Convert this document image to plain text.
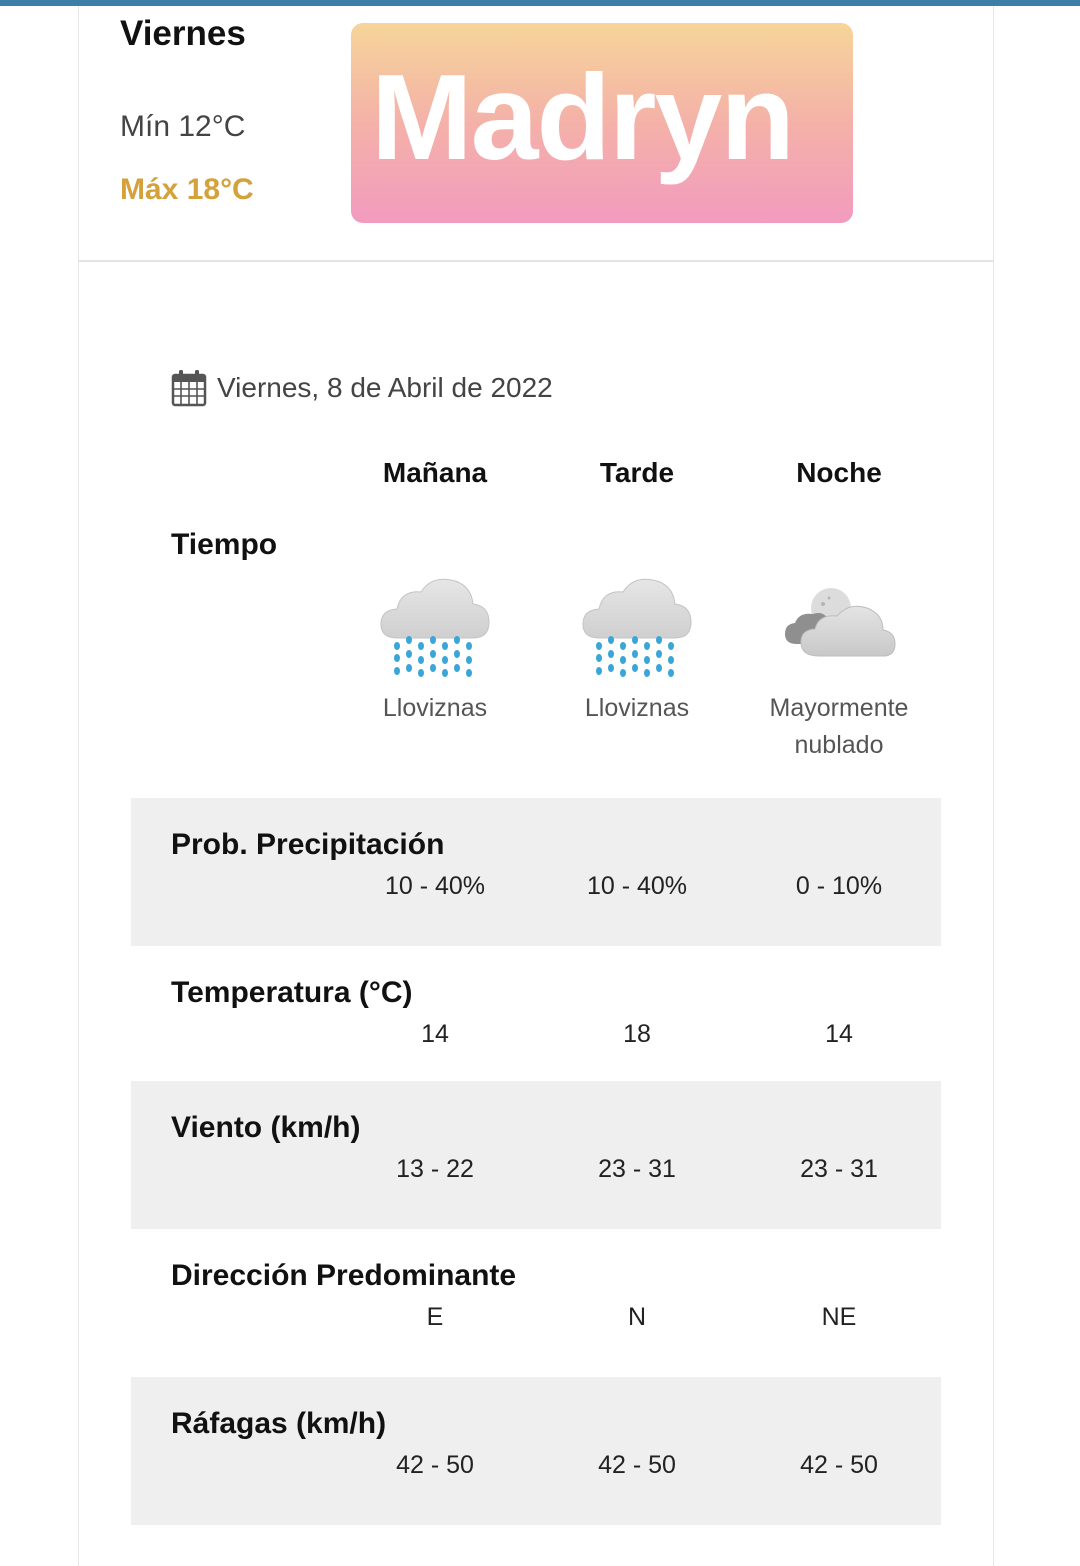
Viernes
Mín 12°C
Máx 18°C
Madryn
Viernes, 8 de Abril de 2022
Mañana	Tarde	Noche
Tiempo
Lloviznas	Lloviznas	Mayormente nublado
Prob. Precipitación
10 - 40%	10 - 40%	0 - 10%
Temperatura (°C)
14	18	14
Viento (km/h)
13 - 22	23 - 31	23 - 31
Dirección Predominante
E	N	NE
Ráfagas (km/h)
42 - 50	42 - 50	42 - 50
